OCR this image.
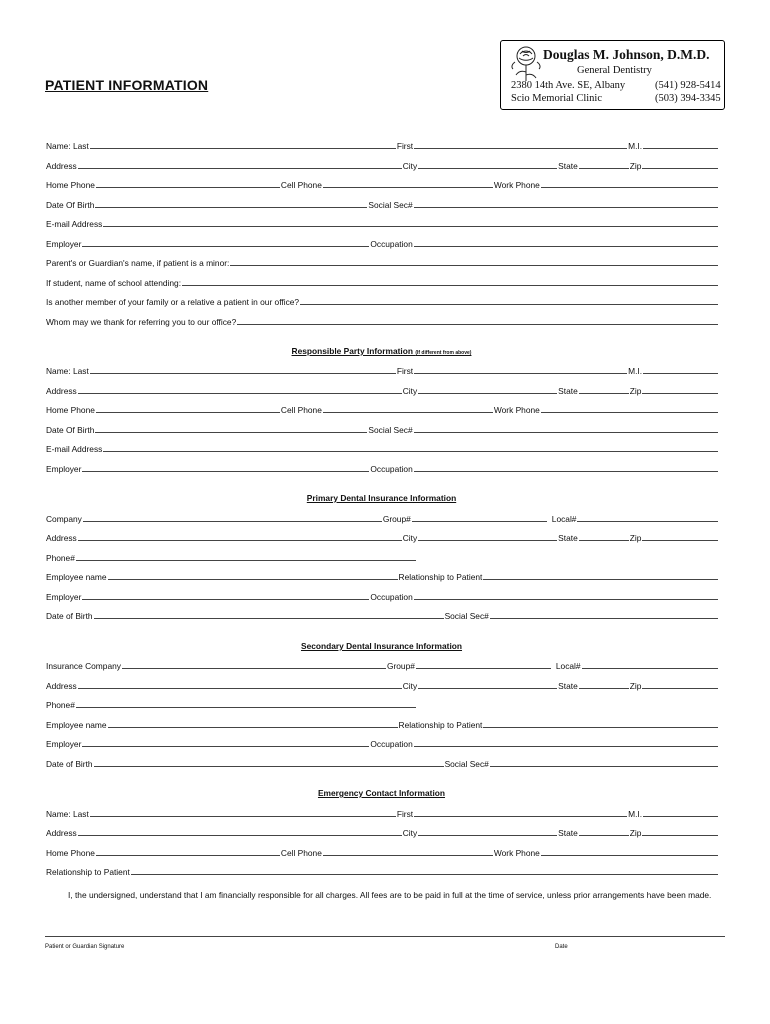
PATIENT INFORMATION
Douglas M. Johnson, D.M.D.
General Dentistry
2380 14th Ave. SE, Albany
Scio Memorial Clinic
(541) 928-5414
(503) 394-3345
Name: Last	First	M.I.
Address	City	State	Zip
Home Phone	Cell Phone	Work Phone
Date Of Birth	Social Sec#
E-mail Address
Employer	Occupation
Parent's or Guardian's name, if patient is a minor:
If student, name of school attending:
Is another member of your family or a relative a patient in our office?
Whom may we thank for referring you to our office?
Responsible Party Information (If different from above)
Name: Last	First	M.I.
Address	City	State	Zip
Home Phone	Cell Phone	Work Phone
Date Of Birth	Social Sec#
E-mail Address
Employer	Occupation
Primary Dental Insurance Information
Company	Group#	Local#
Address	City	State	Zip
Phone#
Employee name	Relationship to Patient
Employer	Occupation
Date of Birth	Social Sec#
Secondary Dental Insurance Information
Insurance Company	Group#	Local#
Address	City	State	Zip
Phone#
Employee name	Relationship to Patient
Employer	Occupation
Date of Birth	Social Sec#
Emergency Contact Information
Name: Last	First	M.I.
Address	City	State	Zip
Home Phone	Cell Phone	Work Phone
Relationship to Patient
I, the undersigned, understand that I am financially responsible for all charges. All fees are to be paid in full at the time of service, unless prior arrangements have been made.
Patient or Guardian Signature	Date
